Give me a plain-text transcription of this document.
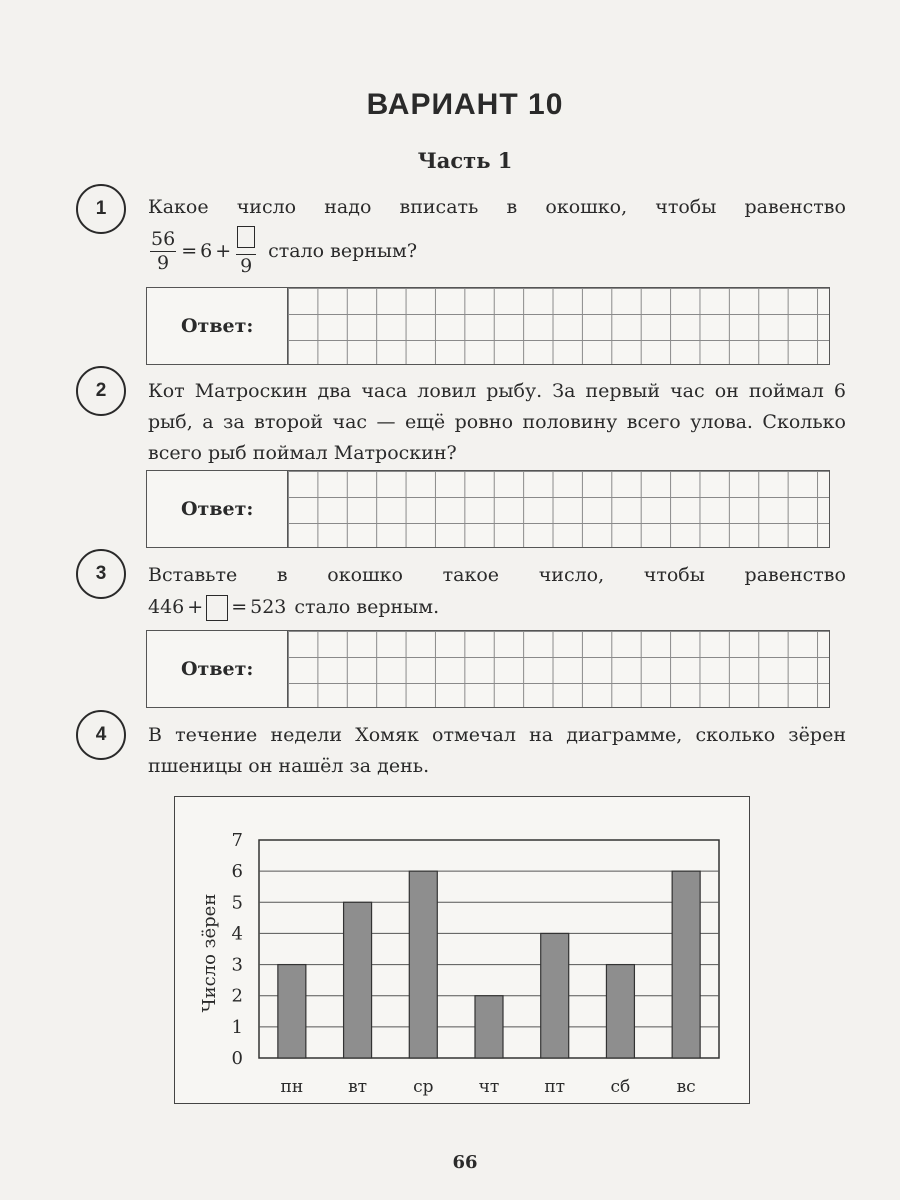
ВАРИАНТ 10
Часть 1
1	Какое число надо вписать в окошко, чтобы равенство
$\frac{56}{9} = 6$ +
9
стало верным?
Ответ:
2	Кот Матроскин два часа ловил рыбу. За первый час он поймал 6 рыб, а за второй час — ещё ровно половину всего улова. Сколько всего рыб поймал Матроскин?
Ответ:
3	Вставьте в окошко такое число, чтобы равенство
446 + = 523 стало верным.
Ответ:
4	В течение недели Хомяк отмечал на диаграмме, сколько зёрен пшеницы он нашёл за день.
0
1
2
3
4
5
6
7
пн	вт	ср	чт	пт	сб	вс
Число зёрен
66
